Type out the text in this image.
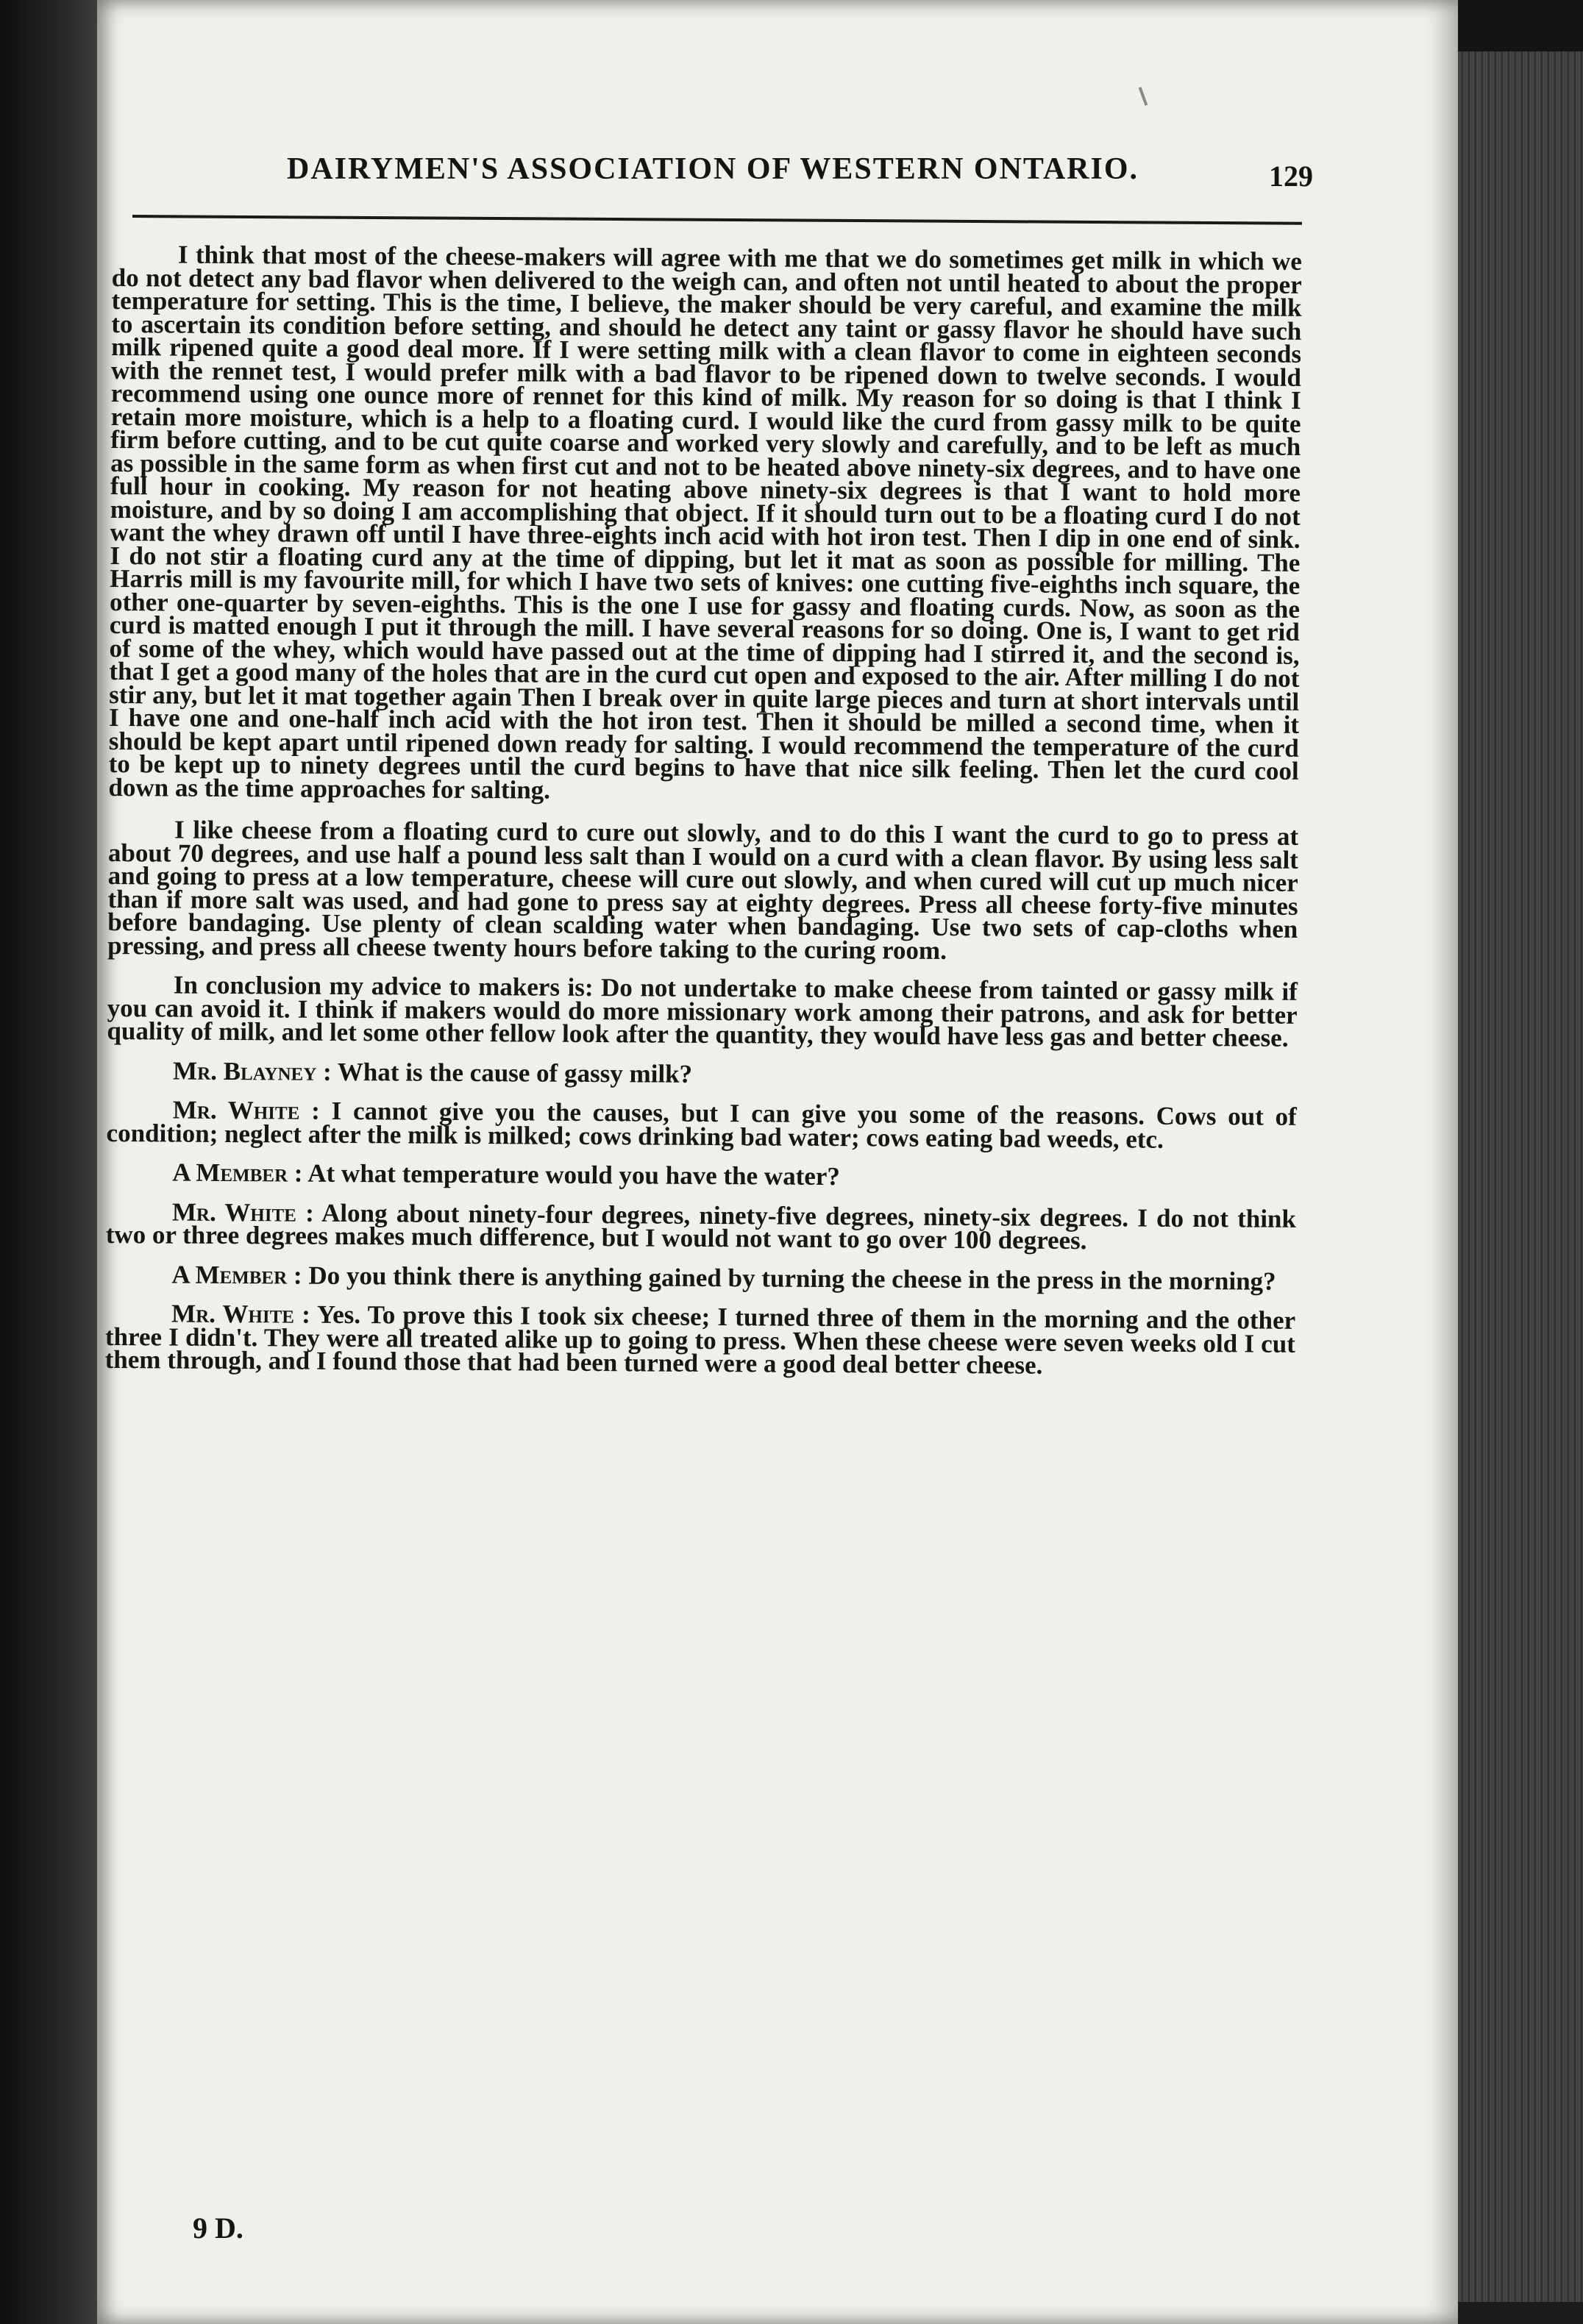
DAIRYMEN'S ASSOCIATION OF WESTERN ONTARIO.	129

I think that most of the cheese-makers will agree with me that we do sometimes get milk in which we do not detect any bad flavor when delivered to the weigh can, and often not until heated to about the proper temperature for setting. This is the time, I believe, the maker should be very careful, and examine the milk to ascertain its condition before setting, and should he detect any taint or gassy flavor he should have such milk ripened quite a good deal more. If I were setting milk with a clean flavor to come in eighteen seconds with the rennet test, I would prefer milk with a bad flavor to be ripened down to twelve seconds. I would recommend using one ounce more of rennet for this kind of milk. My reason for so doing is that I think I retain more moisture, which is a help to a floating curd. I would like the curd from gassy milk to be quite firm before cutting, and to be cut quite coarse and worked very slowly and carefully, and to be left as much as possible in the same form as when first cut and not to be heated above ninety-six degrees, and to have one full hour in cooking. My reason for not heating above ninety-six degrees is that I want to hold more moisture, and by so doing I am accomplishing that object. If it should turn out to be a floating curd I do not want the whey drawn off until I have three-eights inch acid with hot iron test. Then I dip in one end of sink. I do not stir a floating curd any at the time of dipping, but let it mat as soon as possible for milling. The Harris mill is my favourite mill, for which I have two sets of knives: one cutting five-eighths inch square, the other one-quarter by seven-eighths. This is the one I use for gassy and floating curds. Now, as soon as the curd is matted enough I put it through the mill. I have several reasons for so doing. One is, I want to get rid of some of the whey, which would have passed out at the time of dipping had I stirred it, and the second is, that I get a good many of the holes that are in the curd cut open and exposed to the air. After milling I do not stir any, but let it mat together again Then I break over in quite large pieces and turn at short intervals until I have one and one-half inch acid with the hot iron test. Then it should be milled a second time, when it should be kept apart until ripened down ready for salting. I would recommend the temperature of the curd to be kept up to ninety degrees until the curd begins to have that nice silk feeling. Then let the curd cool down as the time approaches for salting.

I like cheese from a floating curd to cure out slowly, and to do this I want the curd to go to press at about 70 degrees, and use half a pound less salt than I would on a curd with a clean flavor. By using less salt and going to press at a low temperature, cheese will cure out slowly, and when cured will cut up much nicer than if more salt was used, and had gone to press say at eighty degrees. Press all cheese forty-five minutes before bandaging. Use plenty of clean scalding water when bandaging. Use two sets of cap-cloths when pressing, and press all cheese twenty hours before taking to the curing room.

In conclusion my advice to makers is: Do not undertake to make cheese from tainted or gassy milk if you can avoid it. I think if makers would do more missionary work among their patrons, and ask for better quality of milk, and let some other fellow look after the quantity, they would have less gas and better cheese.

Mr. Blayney : What is the cause of gassy milk?

Mr. White : I cannot give you the causes, but I can give you some of the reasons. Cows out of condition; neglect after the milk is milked; cows drinking bad water; cows eating bad weeds, etc.

A Member : At what temperature would you have the water?

Mr. White : Along about ninety-four degrees, ninety-five degrees, ninety-six degrees. I do not think two or three degrees makes much difference, but I would not want to go over 100 degrees.

A Member : Do you think there is anything gained by turning the cheese in the press in the morning?

Mr. White : Yes. To prove this I took six cheese; I turned three of them in the morning and the other three I didn't. They were all treated alike up to going to press. When these cheese were seven weeks old I cut them through, and I found those that had been turned were a good deal better cheese.

9 D.
